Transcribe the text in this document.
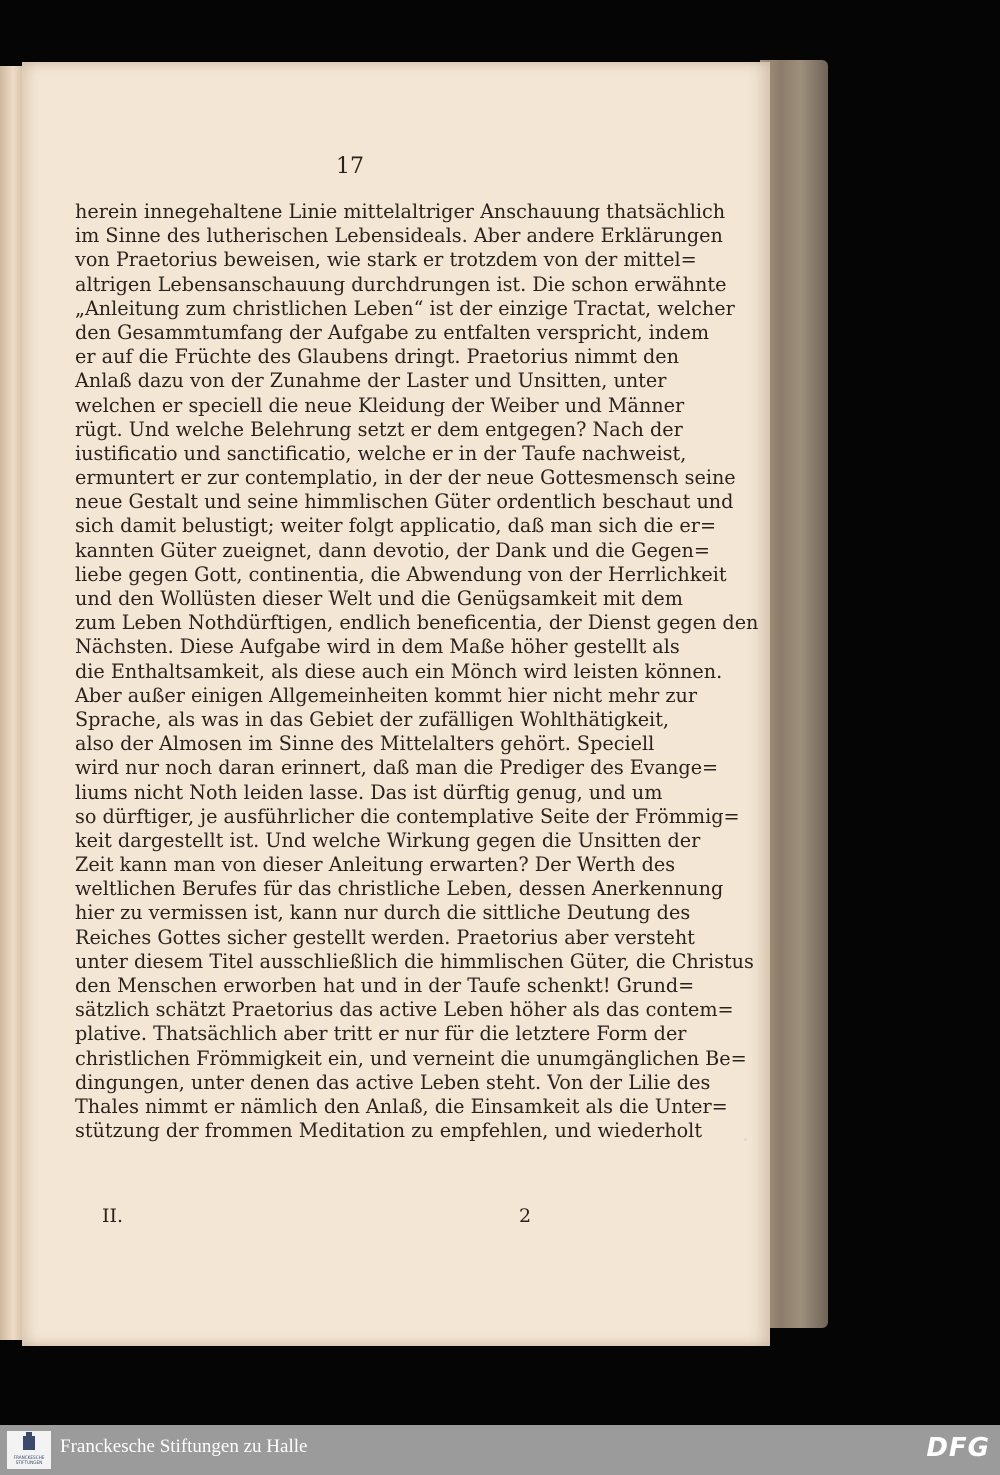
17
herein innegehaltene Linie mittelaltriger Anschauung thatsächlich
im Sinne des lutherischen Lebensideals. Aber andere Erklärungen
von Praetorius beweisen, wie stark er trotzdem von der mittel=
altrigen Lebensanschauung durchdrungen ist. Die schon erwähnte
„Anleitung zum christlichen Leben“ ist der einzige Tractat, welcher
den Gesammtumfang der Aufgabe zu entfalten verspricht, indem
er auf die Früchte des Glaubens dringt. Praetorius nimmt den
Anlaß dazu von der Zunahme der Laster und Unsitten, unter
welchen er speciell die neue Kleidung der Weiber und Männer
rügt. Und welche Belehrung setzt er dem entgegen? Nach der
iustificatio und sanctificatio, welche er in der Taufe nachweist,
ermuntert er zur contemplatio, in der der neue Gottesmensch seine
neue Gestalt und seine himmlischen Güter ordentlich beschaut und
sich damit belustigt; weiter folgt applicatio, daß man sich die er=
kannten Güter zueignet, dann devotio, der Dank und die Gegen=
liebe gegen Gott, continentia, die Abwendung von der Herrlichkeit
und den Wollüsten dieser Welt und die Genügsamkeit mit dem
zum Leben Nothdürftigen, endlich beneficentia, der Dienst gegen den
Nächsten. Diese Aufgabe wird in dem Maße höher gestellt als
die Enthaltsamkeit, als diese auch ein Mönch wird leisten können.
Aber außer einigen Allgemeinheiten kommt hier nicht mehr zur
Sprache, als was in das Gebiet der zufälligen Wohlthätigkeit,
also der Almosen im Sinne des Mittelalters gehört. Speciell
wird nur noch daran erinnert, daß man die Prediger des Evange=
liums nicht Noth leiden lasse. Das ist dürftig genug, und um
so dürftiger, je ausführlicher die contemplative Seite der Frömmig=
keit dargestellt ist. Und welche Wirkung gegen die Unsitten der
Zeit kann man von dieser Anleitung erwarten? Der Werth des
weltlichen Berufes für das christliche Leben, dessen Anerkennung
hier zu vermissen ist, kann nur durch die sittliche Deutung des
Reiches Gottes sicher gestellt werden. Praetorius aber versteht
unter diesem Titel ausschließlich die himmlischen Güter, die Christus
den Menschen erworben hat und in der Taufe schenkt! Grund=
sätzlich schätzt Praetorius das active Leben höher als das contem=
plative. Thatsächlich aber tritt er nur für die letztere Form der
christlichen Frömmigkeit ein, und verneint die unumgänglichen Be=
dingungen, unter denen das active Leben steht. Von der Lilie des
Thales nimmt er nämlich den Anlaß, die Einsamkeit als die Unter=
stützung der frommen Meditation zu empfehlen, und wiederholt
II.	2
FRANCKESCHE STIFTUNGEN
Franckesche Stiftungen zu Halle	DFG
